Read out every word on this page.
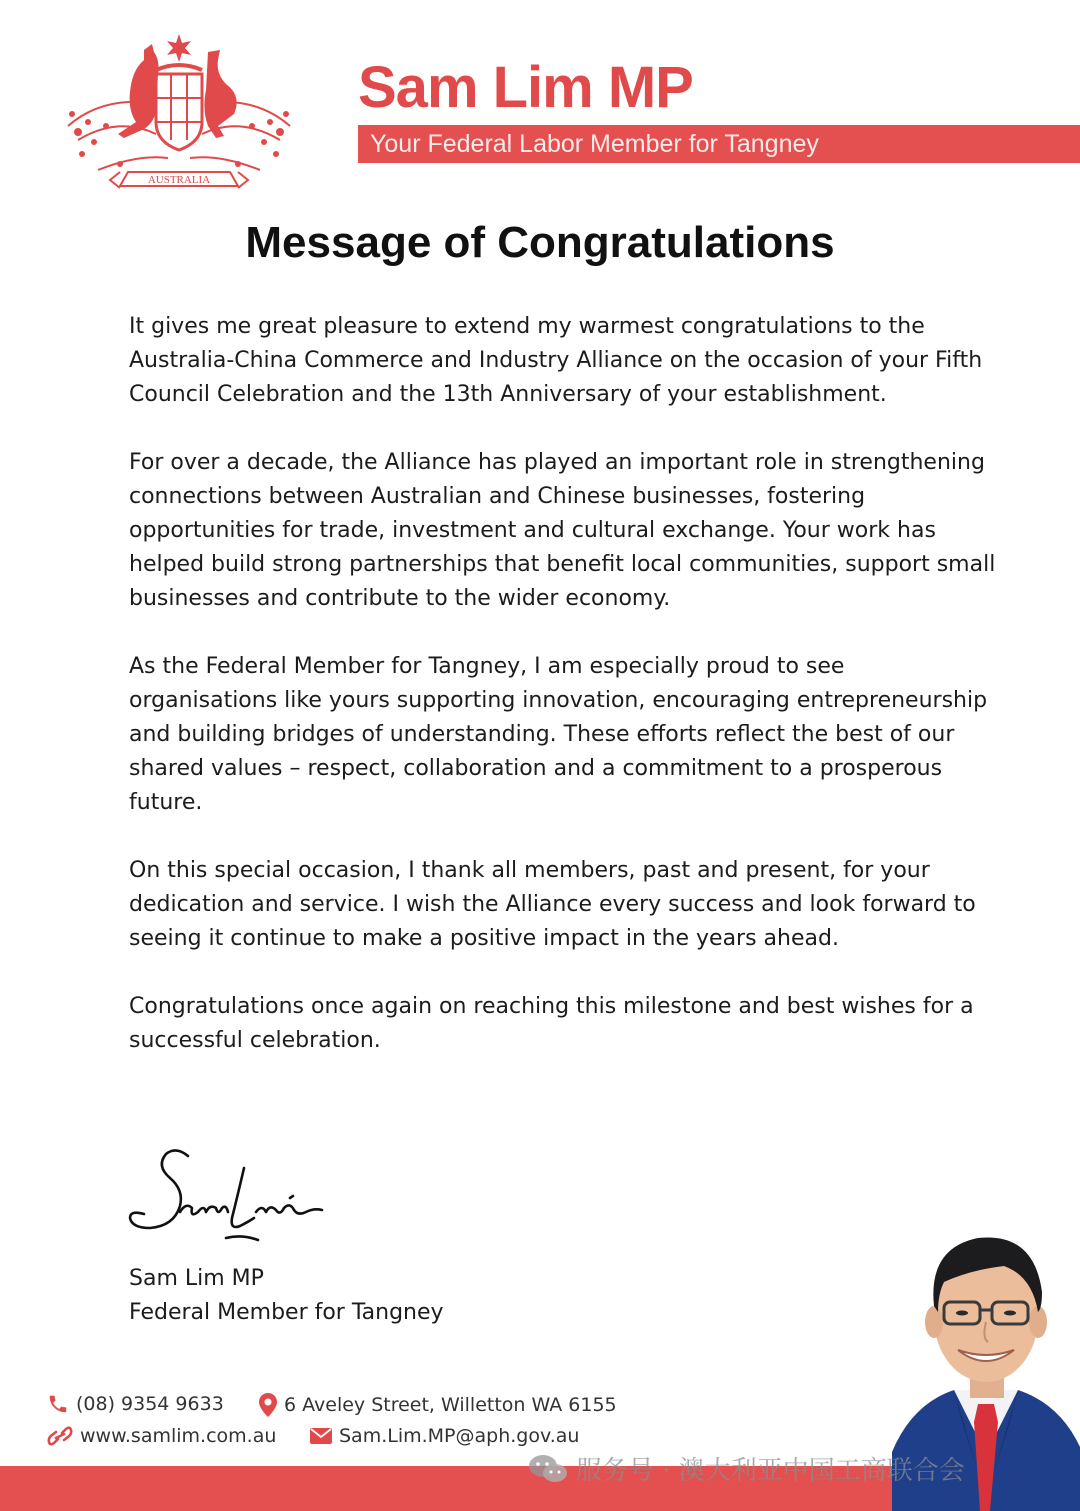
AUSTRALIA
Sam Lim MP
Your Federal Labor Member for Tangney
Message of Congratulations

It gives me great pleasure to extend my warmest congratulations to the Australia-China Commerce and Industry Alliance on the occasion of your Fifth Council Celebration and the 13th Anniversary of your establishment.

For over a decade, the Alliance has played an important role in strengthening connections between Australian and Chinese businesses, fostering opportunities for trade, investment and cultural exchange. Your work has helped build strong partnerships that benefit local communities, support small businesses and contribute to the wider economy.

As the Federal Member for Tangney, I am especially proud to see organisations like yours supporting innovation, encouraging entrepreneurship and building bridges of understanding. These efforts reflect the best of our shared values – respect, collaboration and a commitment to a prosperous future.

On this special occasion, I thank all members, past and present, for your dedication and service. I wish the Alliance every success and look forward to seeing it continue to make a positive impact in the years ahead.

Congratulations once again on reaching this milestone and best wishes for a successful celebration.

Sam Lim MP
Federal Member for Tangney
(08) 9354 9633	6 Aveley Street, Willetton WA 6155
www.samlim.com.au	Sam.Lim.MP@aph.gov.au
服务号 · 澳大利亚中国工商联合会
